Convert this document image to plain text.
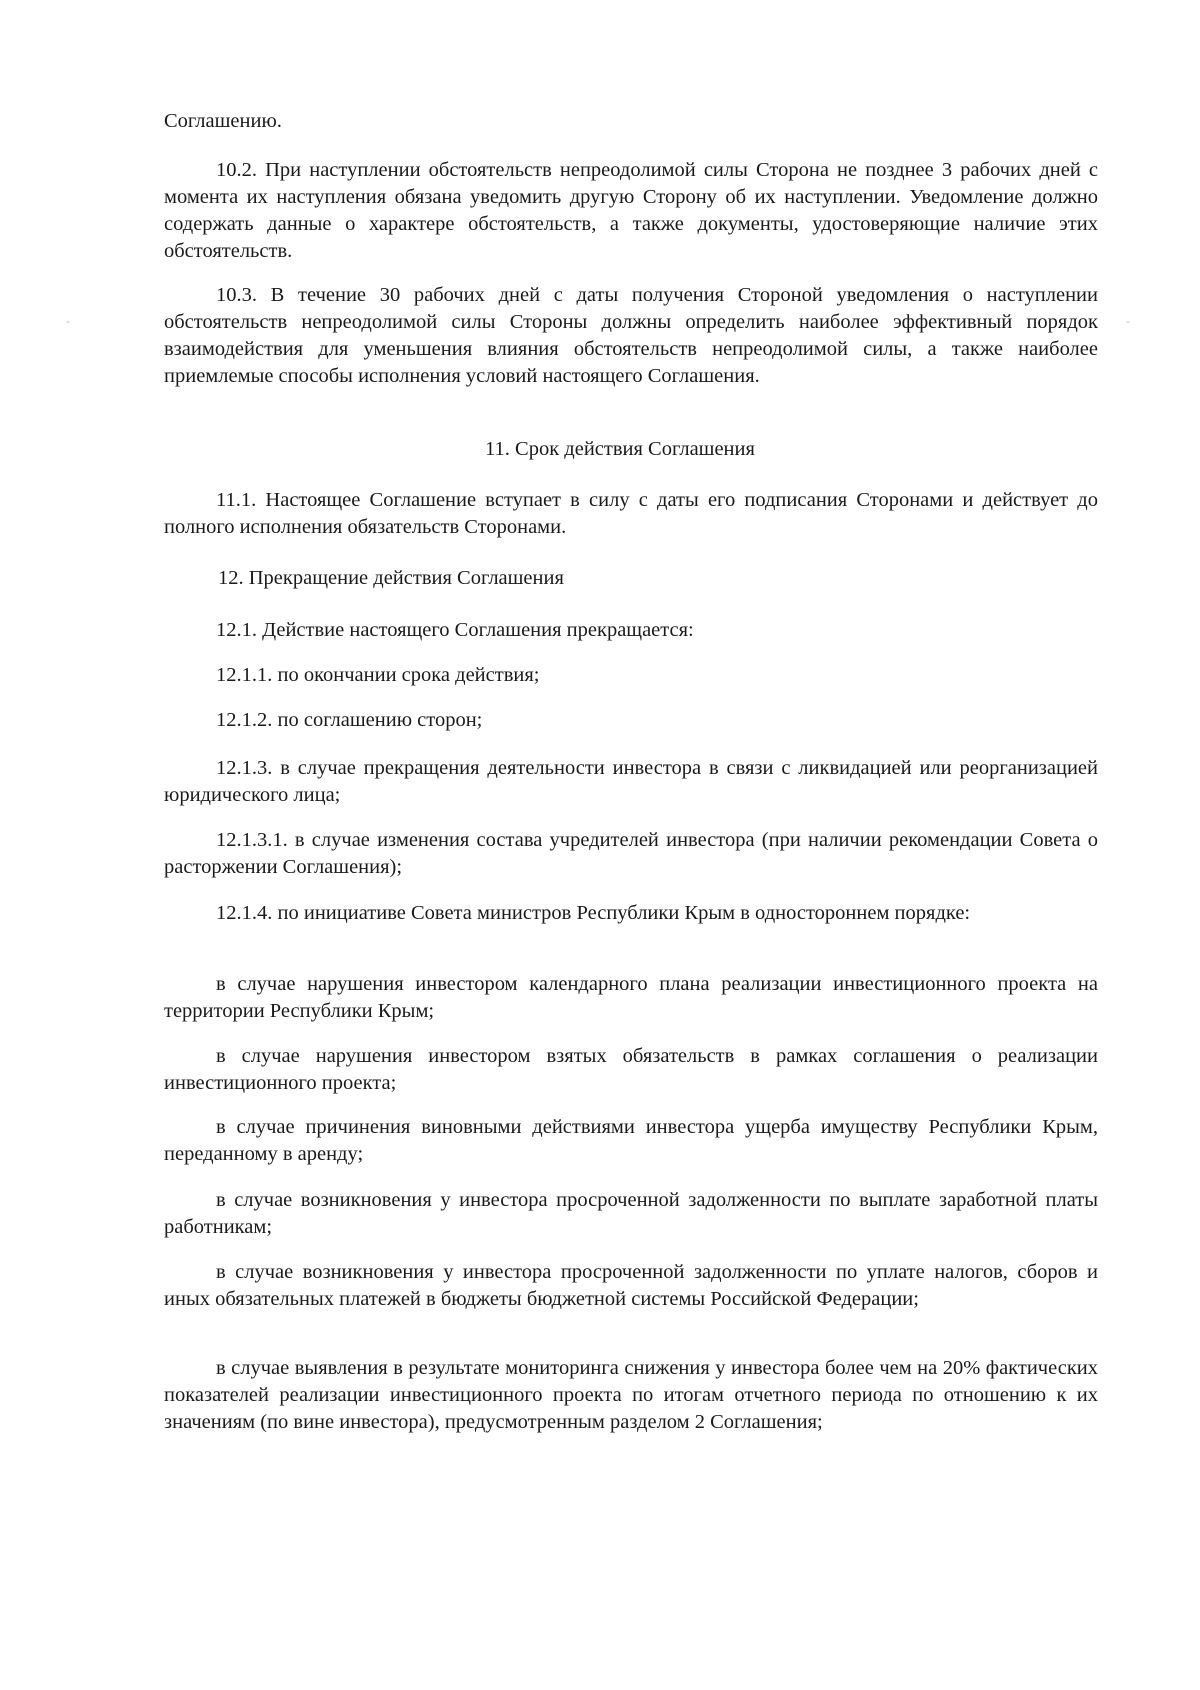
Соглашению.

10.2. При наступлении обстоятельств непреодолимой силы Сторона не позднее 3 рабочих дней с момента их наступления обязана уведомить другую Сторону об их наступлении. Уведомление должно содержать данные о характере обстоятельств, а также документы, удостоверяющие наличие этих обстоятельств.

10.3. В течение 30 рабочих дней с даты получения Стороной уведомления о наступлении обстоятельств непреодолимой силы Стороны должны определить наиболее эффективный порядок взаимодействия для уменьшения влияния обстоятельств непреодолимой силы, а также наиболее приемлемые способы исполнения условий настоящего Соглашения.

11. Срок действия Соглашения

11.1. Настоящее Соглашение вступает в силу с даты его подписания Сторонами и действует до полного исполнения обязательств Сторонами.

12. Прекращение действия Соглашения

12.1. Действие настоящего Соглашения прекращается:

12.1.1. по окончании срока действия;

12.1.2. по соглашению сторон;

12.1.3. в случае прекращения деятельности инвестора в связи с ликвидацией или реорганизацией юридического лица;

12.1.3.1. в случае изменения состава учредителей инвестора (при наличии рекомендации Совета о расторжении Соглашения);

12.1.4. по инициативе Совета министров Республики Крым в одностороннем порядке:

в случае нарушения инвестором календарного плана реализации инвестиционного проекта на территории Республики Крым;

в случае нарушения инвестором взятых обязательств в рамках соглашения о реализации инвестиционного проекта;

в случае причинения виновными действиями инвестора ущерба имуществу Республики Крым, переданному в аренду;

в случае возникновения у инвестора просроченной задолженности по выплате заработной платы работникам;

в случае возникновения у инвестора просроченной задолженности по уплате налогов, сборов и иных обязательных платежей в бюджеты бюджетной системы Российской Федерации;

в случае выявления в результате мониторинга снижения у инвестора более чем на 20% фактических показателей реализации инвестиционного проекта по итогам отчетного периода по отношению к их значениям (по вине инвестора), предусмотренным разделом 2 Соглашения;

-	-
